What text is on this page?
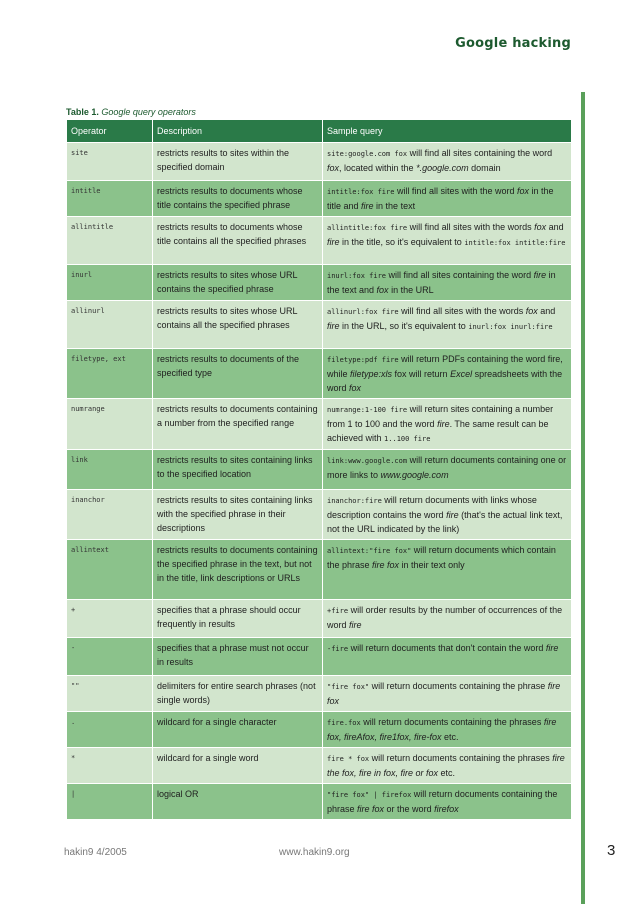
Google hacking
Table 1. Google query operators
Operator	Description	Sample query
site	restricts results to sites within the specified domain	site:google.com fox will find all sites containing the word fox, located within the *.google.com domain
intitle	restricts results to documents whose title contains the specified phrase	intitle:fox fire will find all sites with the word fox in the title and fire in the text
allintitle	restricts results to documents whose title contains all the specified phrases	allintitle:fox fire will find all sites with the words fox and fire in the title, so it's equivalent to intitle:fox intitle:fire
inurl	restricts results to sites whose URL contains the specified phrase	inurl:fox fire will find all sites containing the word fire in the text and fox in the URL
allinurl	restricts results to sites whose URL contains all the specified phrases	allinurl:fox fire will find all sites with the words fox and fire in the URL, so it's equivalent to inurl:fox inurl:fire
filetype, ext	restricts results to documents of the specified type	filetype:pdf fire will return PDFs containing the word fire, while filetype:xls fox will return Excel spreadsheets with the word fox
numrange	restricts results to documents containing a number from the specified range	numrange:1-100 fire will return sites containing a number from 1 to 100 and the word fire. The same result can be achieved with 1..100 fire
link	restricts results to sites containing links to the specified location	link:www.google.com will return documents containing one or more links to www.google.com
inanchor	restricts results to sites containing links with the specified phrase in their descriptions	inanchor:fire will return documents with links whose description contains the word fire (that's the actual link text, not the URL indicated by the link)
allintext	restricts results to documents containing the specified phrase in the text, but not in the title, link descriptions or URLs	allintext:"fire fox" will return documents which contain the phrase fire fox in their text only
+	specifies that a phrase should occur frequently in results	+fire will order results by the number of occurrences of the word fire
-	specifies that a phrase must not occur in results	-fire will return documents that don't contain the word fire
""	delimiters for entire search phrases (not single words)	"fire fox" will return documents containing the phrase fire fox
.	wildcard for a single character	fire.fox will return documents containing the phrases fire fox, fireAfox, fire1fox, fire-fox etc.
*	wildcard for a single word	fire * fox will return documents containing the phrases fire the fox, fire in fox, fire or fox etc.
|	logical OR	"fire fox" | firefox will return documents containing the phrase fire fox or the word firefox
hakin9 4/2005	www.hakin9.org	3
